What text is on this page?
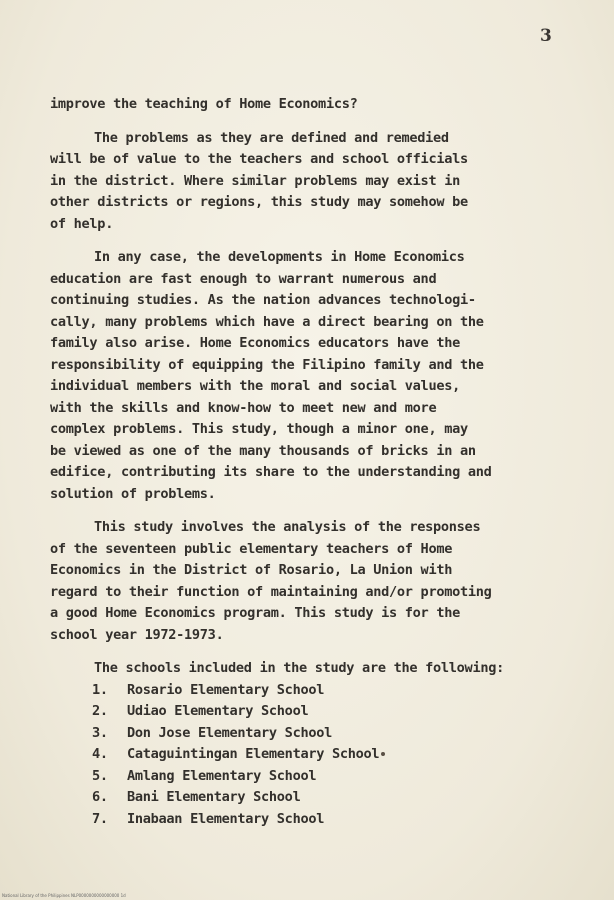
3

improve the teaching of Home Economics?

The problems as they are defined and remedied
will be of value to the teachers and school officials
in the district. Where similar problems may exist in
other districts or regions, this study may somehow be
of help.

In any case, the developments in Home Economics
education are fast enough to warrant numerous and
continuing studies. As the nation advances technologi-
cally, many problems which have a direct bearing on the
family also arise. Home Economics educators have the
responsibility of equipping the Filipino family and the
individual members with the moral and social values,
with the skills and know-how to meet new and more
complex problems. This study, though a minor one, may
be viewed as one of the many thousands of bricks in an
edifice, contributing its share to the understanding and
solution of problems.

This study involves the analysis of the responses
of the seventeen public elementary teachers of Home
Economics in the District of Rosario, La Union with
regard to their function of maintaining and/or promoting
a good Home Economics program. This study is for the
school year 1972-1973.

The schools included in the study are the following:

1. Rosario Elementary School
2. Udiao Elementary School
3. Don Jose Elementary School
4. Cataguintingan Elementary School
5. Amlang Elementary School
6. Bani Elementary School
7. Inabaan Elementary School
National Library of the Philippines NLP0000000000000000 1d
